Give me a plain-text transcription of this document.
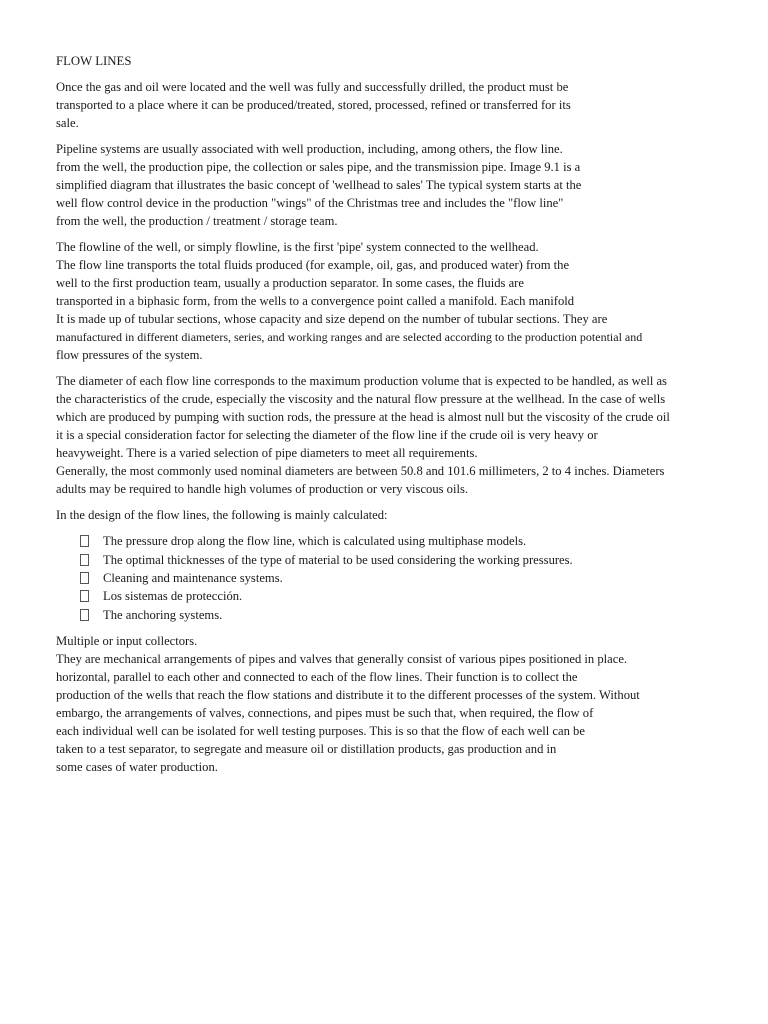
FLOW LINES
Once the gas and oil were located and the well was fully and successfully drilled, the product must be
transported to a place where it can be produced/treated, stored, processed, refined or transferred for its
sale.
Pipeline systems are usually associated with well production, including, among others, the flow line.
from the well, the production pipe, the collection or sales pipe, and the transmission pipe. Image 9.1 is a
simplified diagram that illustrates the basic concept of 'wellhead to sales' The typical system starts at the
well flow control device in the production "wings" of the Christmas tree and includes the "flow line"
from the well, the production / treatment / storage team.
The flowline of the well, or simply flowline, is the first 'pipe' system connected to the wellhead.
The flow line transports the total fluids produced (for example, oil, gas, and produced water) from the
well to the first production team, usually a production separator. In some cases, the fluids are
transported in a biphasic form, from the wells to a convergence point called a manifold. Each manifold
It is made up of tubular sections, whose capacity and size depend on the number of tubular sections. They are
manufactured in different diameters, series, and working ranges and are selected according to the production potential and
flow pressures of the system.
The diameter of each flow line corresponds to the maximum production volume that is expected to be handled, as well as
the characteristics of the crude, especially the viscosity and the natural flow pressure at the wellhead. In the case of wells
which are produced by pumping with suction rods, the pressure at the head is almost null but the viscosity of the crude oil
it is a special consideration factor for selecting the diameter of the flow line if the crude oil is very heavy or
heavyweight. There is a varied selection of pipe diameters to meet all requirements.
Generally, the most commonly used nominal diameters are between 50.8 and 101.6 millimeters, 2 to 4 inches. Diameters
adults may be required to handle high volumes of production or very viscous oils.
In the design of the flow lines, the following is mainly calculated:
The pressure drop along the flow line, which is calculated using multiphase models.
The optimal thicknesses of the type of material to be used considering the working pressures.
Cleaning and maintenance systems.
Los sistemas de protección.
The anchoring systems.
Multiple or input collectors.
They are mechanical arrangements of pipes and valves that generally consist of various pipes positioned in place.
horizontal, parallel to each other and connected to each of the flow lines. Their function is to collect the
production of the wells that reach the flow stations and distribute it to the different processes of the system. Without
embargo, the arrangements of valves, connections, and pipes must be such that, when required, the flow of
each individual well can be isolated for well testing purposes. This is so that the flow of each well can be
taken to a test separator, to segregate and measure oil or distillation products, gas production and in
some cases of water production.
